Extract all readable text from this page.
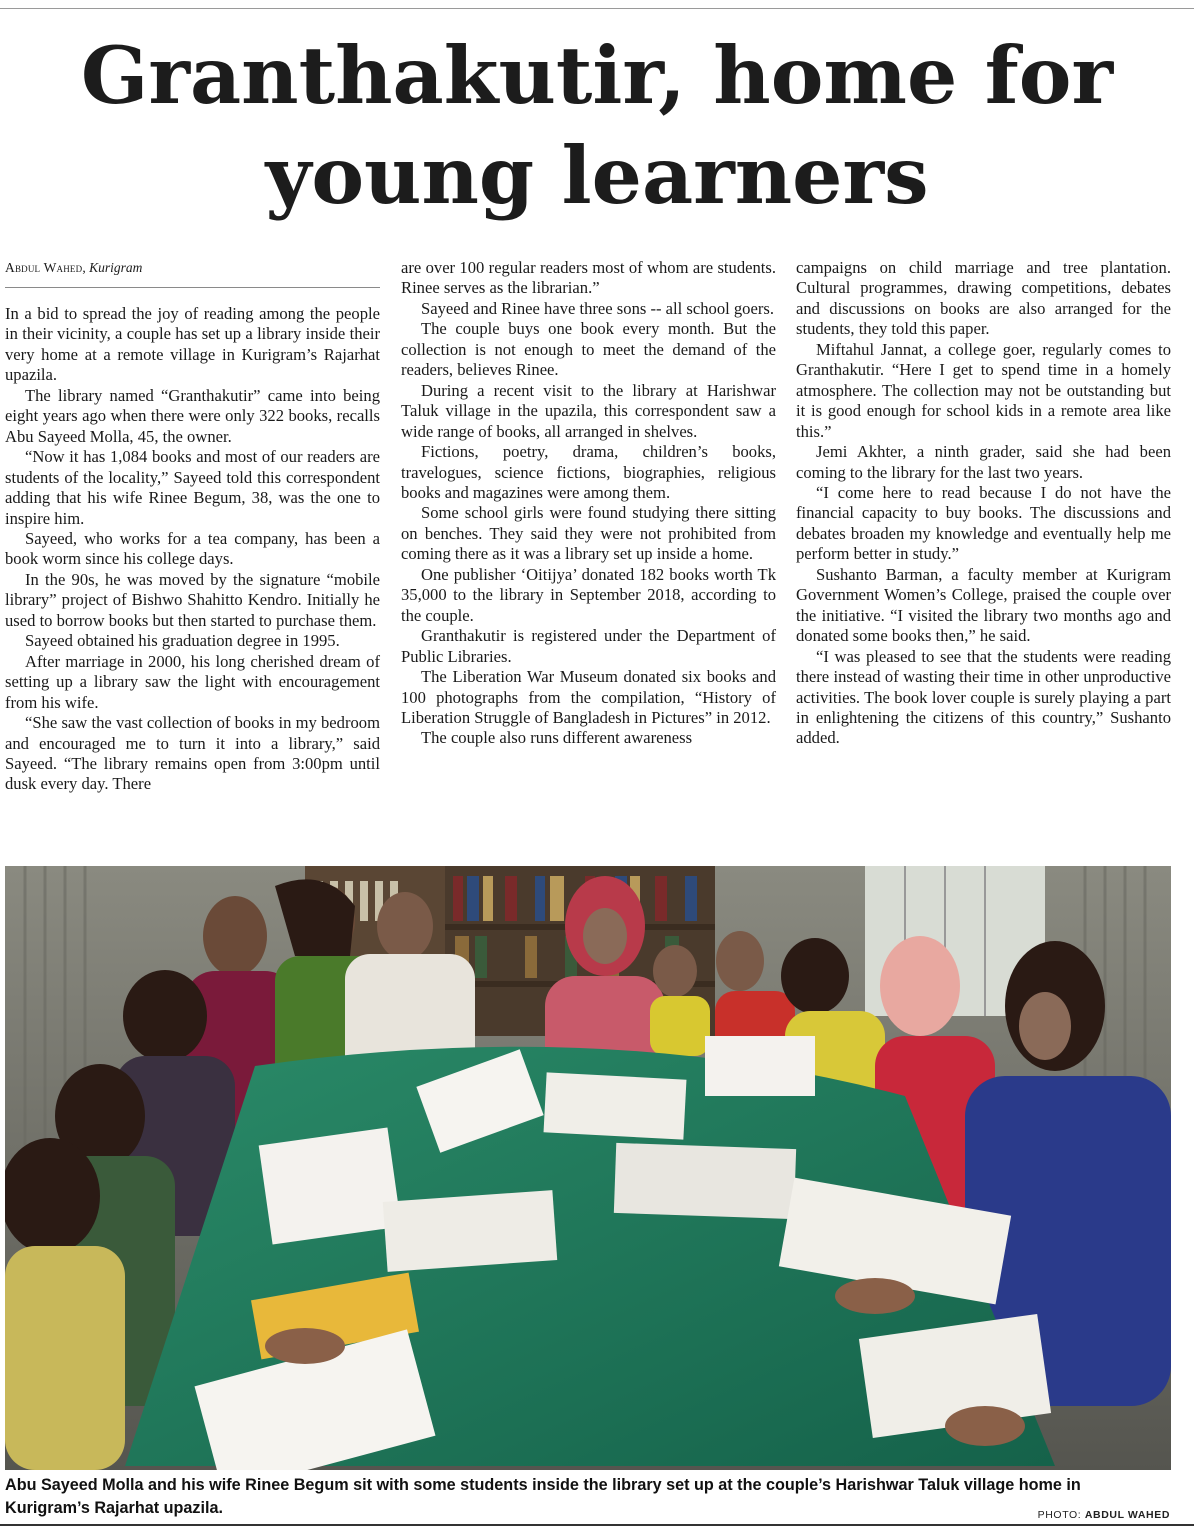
Granthakutir, home for
young learners
Abdul Wahed, Kurigram

In a bid to spread the joy of reading among the people in their vicinity, a couple has set up a library inside their very home at a remote village in Kurigram’s Rajarhat upazila.

The library named “Granthakutir” came into being eight years ago when there were only 322 books, recalls Abu Sayeed Molla, 45, the owner.

“Now it has 1,084 books and most of our readers are students of the locality,” Sayeed told this correspondent adding that his wife Rinee Begum, 38, was the one to inspire him.

Sayeed, who works for a tea company, has been a book worm since his college days.

In the 90s, he was moved by the signature “mobile library” project of Bishwo Shahitto Kendro. Initially he used to borrow books but then started to purchase them.

Sayeed obtained his graduation degree in 1995.

After marriage in 2000, his long cherished dream of setting up a library saw the light with encouragement from his wife.

“She saw the vast collection of books in my bedroom and encouraged me to turn it into a library,” said Sayeed. “The library remains open from 3:00pm until dusk every day. There

are over 100 regular readers most of whom are students. Rinee serves as the librarian.”

Sayeed and Rinee have three sons -- all school goers.

The couple buys one book every month. But the collection is not enough to meet the demand of the readers, believes Rinee.

During a recent visit to the library at Harishwar Taluk village in the upazila, this correspondent saw a wide range of books, all arranged in shelves.

Fictions, poetry, drama, children’s books, travelogues, science fictions, biographies, religious books and magazines were among them.

Some school girls were found studying there sitting on benches. They said they were not prohibited from coming there as it was a library set up inside a home.

One publisher ‘Oitijya’ donated 182 books worth Tk 35,000 to the library in September 2018, according to the couple.

Granthakutir is registered under the Department of Public Libraries.

The Liberation War Museum donated six books and 100 photographs from the compilation, “History of Liberation Struggle of Bangladesh in Pictures” in 2012.

The couple also runs different awareness

campaigns on child marriage and tree plantation. Cultural programmes, drawing competitions, debates and discussions on books are also arranged for the students, they told this paper.

Miftahul Jannat, a college goer, regularly comes to Granthakutir. “Here I get to spend time in a homely atmosphere. The collection may not be outstanding but it is good enough for school kids in a remote area like this.”

Jemi Akhter, a ninth grader, said she had been coming to the library for the last two years.

“I come here to read because I do not have the financial capacity to buy books. The discussions and debates broaden my knowledge and eventually help me perform better in study.”

Sushanto Barman, a faculty member at Kurigram Government Women’s College, praised the couple over the initiative. “I visited the library two months ago and donated some books then,” he said.

“I was pleased to see that the students were reading there instead of wasting their time in other unproductive activities. The book lover couple is surely playing a part in enlightening the citizens of this country,” Sushanto added.

Abu Sayeed Molla and his wife Rinee Begum sit with some students inside the library set up at the couple’s Harishwar Taluk village home in Kurigram’s Rajarhat upazila.	PHOTO: ABDUL WAHED
